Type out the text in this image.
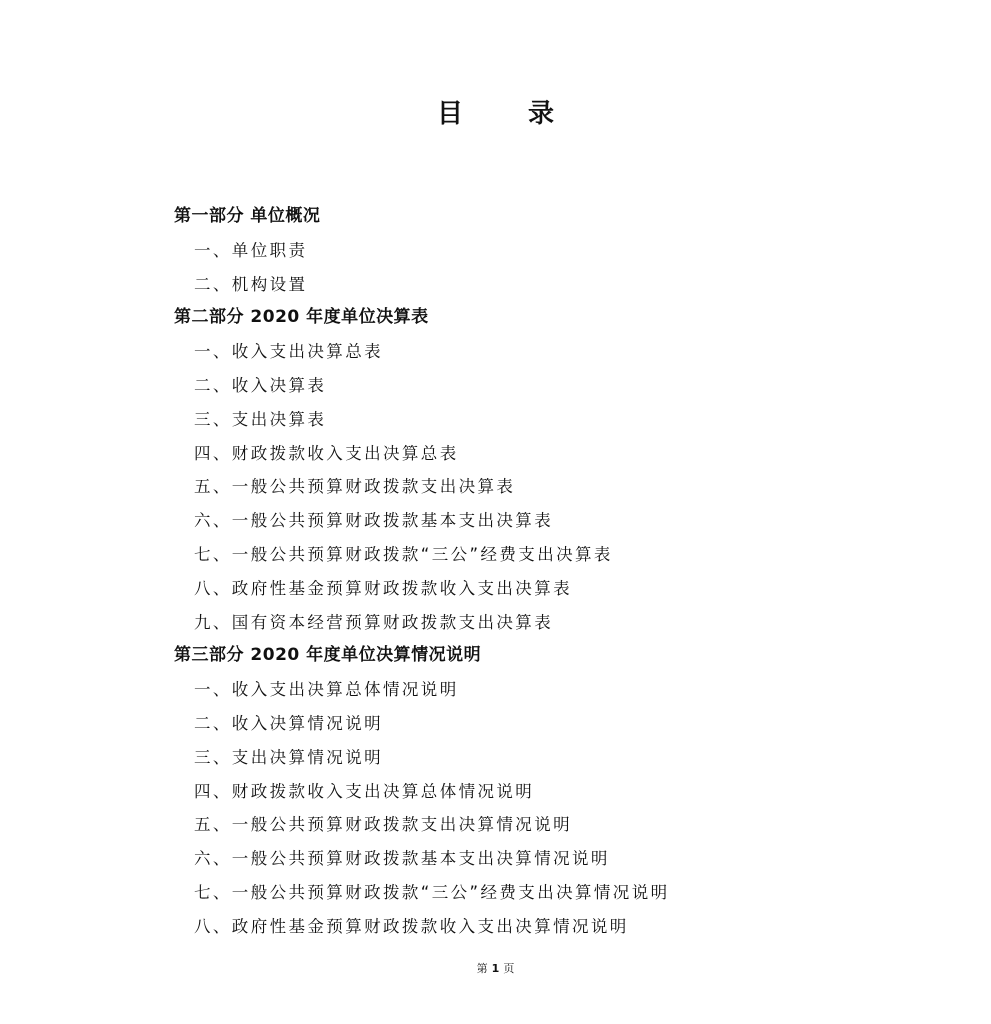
目 录
第一部分 单位概况
一、单位职责
二、机构设置
第二部分 2020 年度单位决算表
一、收入支出决算总表
二、收入决算表
三、支出决算表
四、财政拨款收入支出决算总表
五、一般公共预算财政拨款支出决算表
六、一般公共预算财政拨款基本支出决算表
七、一般公共预算财政拨款“三公”经费支出决算表
八、政府性基金预算财政拨款收入支出决算表
九、国有资本经营预算财政拨款支出决算表
第三部分 2020 年度单位决算情况说明
一、收入支出决算总体情况说明
二、收入决算情况说明
三、支出决算情况说明
四、财政拨款收入支出决算总体情况说明
五、一般公共预算财政拨款支出决算情况说明
六、一般公共预算财政拨款基本支出决算情况说明
七、一般公共预算财政拨款“三公”经费支出决算情况说明
八、政府性基金预算财政拨款收入支出决算情况说明
第 1 页
